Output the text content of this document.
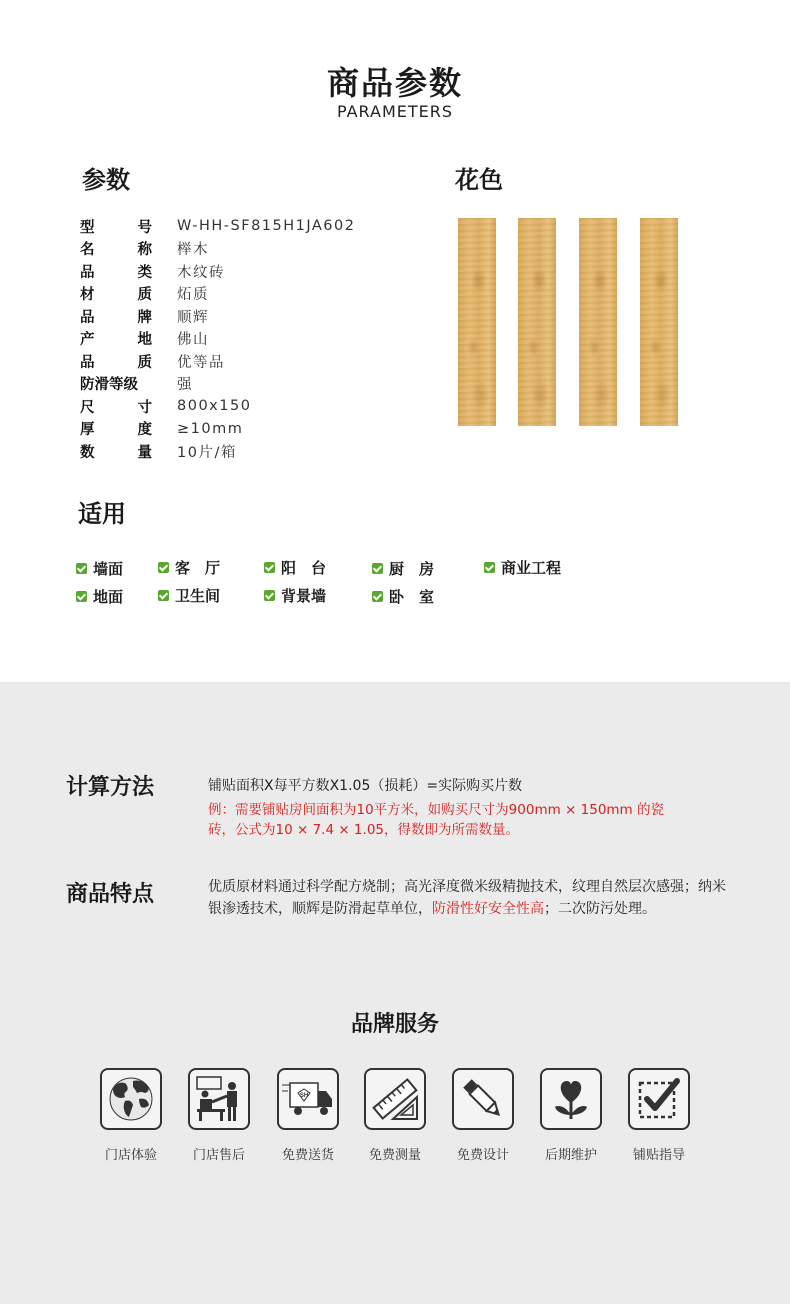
商品参数
PARAMETERS
参数	花色
型	号 W-HH-SF815H1JA602
名	称 榉木
品	类 木纹砖
材	质 炻质
品	牌 顺辉
产	地 佛山
品	质 优等品
防滑等级	强
尺	寸 800x150
厚	度 ≥10mm
数	量 10片/箱
适用
墙面	客　厅	阳　台	厨　房	商业工程
地面	卫生间	背景墙	卧　室
计算方法	铺贴面积X每平方数X1.05（损耗）=实际购买片数
例：需要铺贴房间面积为10平方米，如购买尺寸为900mm × 150mm 的瓷
砖，公式为10 × 7.4 × 1.05，得数即为所需数量。
商品特点	优质原材料通过科学配方烧制；高光泽度微米级精抛技术，纹理自然层次感强；纳米银渗透技术，顺辉是防滑起草单位，防滑性好安全性高；二次防污处理。
品牌服务
门店体验	门店售后
SH
免费送货	免费测量	免费设计	后期维护	铺贴指导
